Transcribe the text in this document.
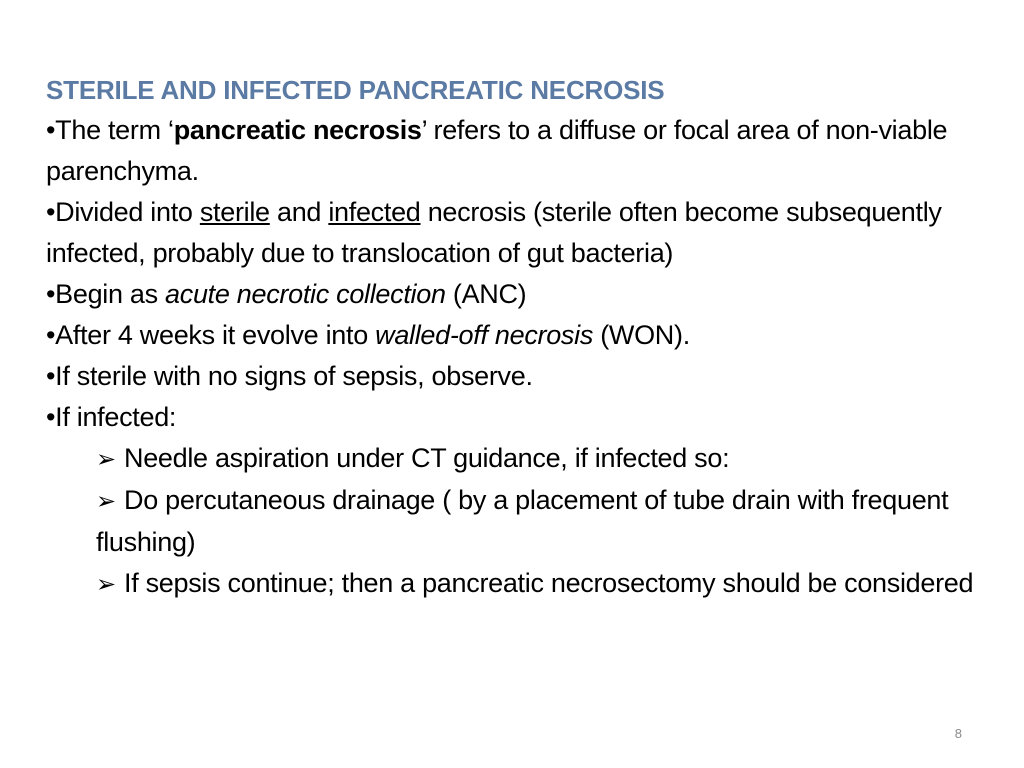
STERILE AND INFECTED PANCREATIC NECROSIS

•The term ‘pancreatic necrosis’ refers to a diffuse or focal area of non-viable parenchyma.

•Divided into sterile and infected necrosis (sterile often become subsequently infected, probably due to translocation of gut bacteria)

•Begin as acute necrotic collection (ANC)

•After 4 weeks it evolve into walled-off necrosis (WON).

•If sterile with no signs of sepsis, observe.

•If infected:

➢ Needle aspiration under CT guidance, if infected so:

➢ Do percutaneous drainage ( by a placement of tube drain with frequent flushing)

➢ If sepsis continue; then a pancreatic necrosectomy should be considered

8
